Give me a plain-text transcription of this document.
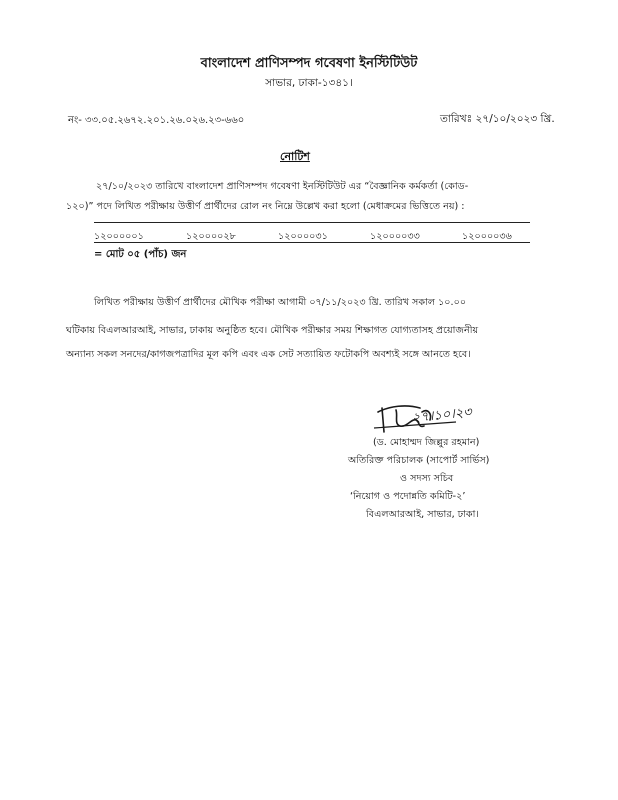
বাংলাদেশ প্রাণিসম্পদ গবেষণা ইনস্টিটিউট
সাভার, ঢাকা-১৩৪১।
নং- ৩৩.০৫.২৬৭২.২০১.২৬.০২৬.২৩-৬৬০	তারিখঃ ২৭/১০/২০২৩ খ্রি.
নোটিশ
২৭/১০/২০২৩ তারিখে বাংলাদেশ প্রাণিসম্পদ গবেষণা ইনস্টিটিউট এর “বৈজ্ঞানিক কর্মকর্তা (কোড-
১২০)” পদে লিখিত পরীক্ষায় উত্তীর্ণ প্রার্থীদের রোল নং নিম্নে উল্লেখ করা হলো (মেধাক্রমের ভিত্তিতে নয়) :
১২০০০০০১	১২০০০০২৮	১২০০০০৩১	১২০০০০৩৩	১২০০০০৩৬
= মোট ০৫ (পাঁচ) জন
লিখিত পরীক্ষায় উত্তীর্ণ প্রার্থীদের মৌখিক পরীক্ষা আগামী ০৭/১১/২০২৩ খ্রি. তারিখ সকাল ১০.০০
ঘটিকায় বিএলআরআই, সাভার, ঢাকায় অনুষ্ঠিত হবে। মৌখিক পরীক্ষার সময় শিক্ষাগত যোগ্যতাসহ প্রয়োজনীয়
অন্যান্য সকল সনদের/কাগজপত্রাদির মূল কপি এবং এক সেট সত্যায়িত ফটোকপি অবশ্যই সঙ্গে আনতে হবে।
২৭।১০।২৩
(ড. মোহাম্মদ জিল্লুর রহমান)
অতিরিক্ত পরিচালক (সাপোর্ট সার্ভিস)
ও সদস্য সচিব
‘নিয়োগ ও পদোন্নতি কমিটি-২’
বিএলআরআই, সাভার, ঢাকা।
